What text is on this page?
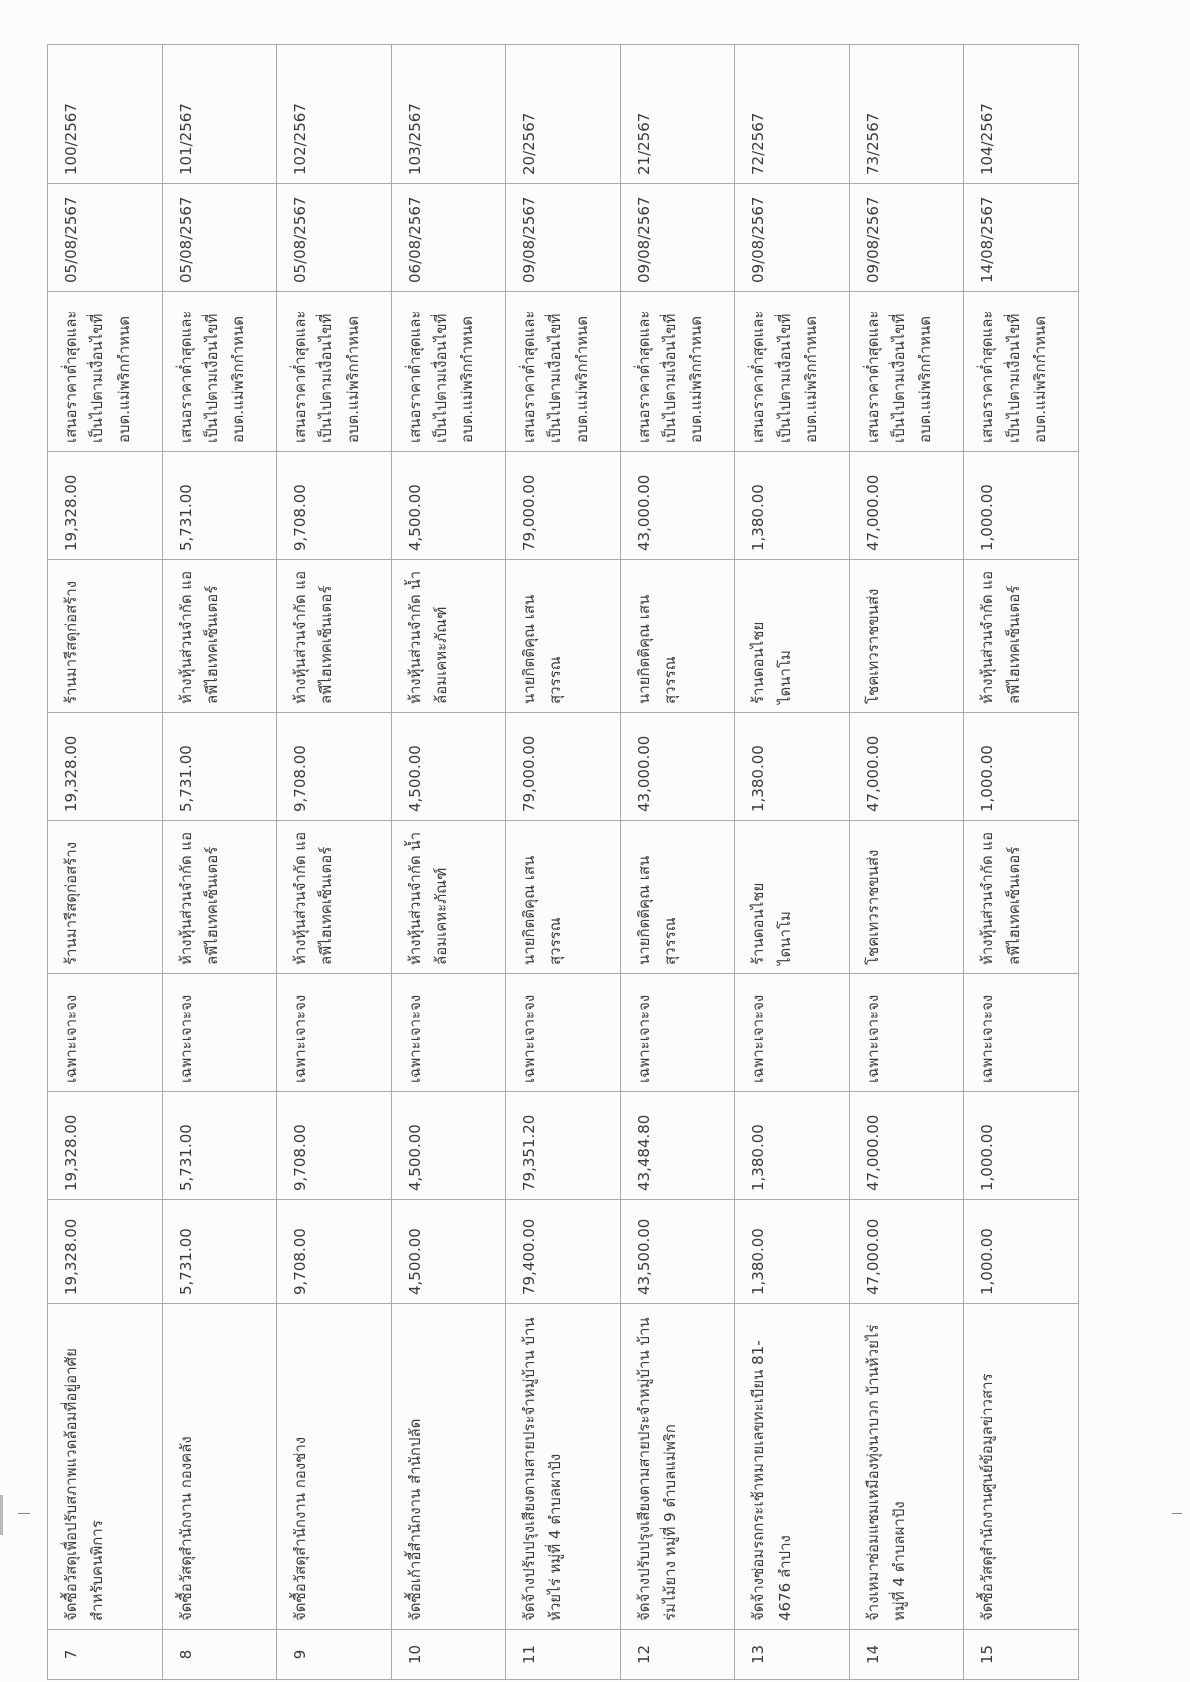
7	จัดซื้อวัสดุเพื่อปรับสภาพแวดล้อมที่อยู่อาศัยสำหรับคนพิการ	19,328.00	19,328.00	เฉพาะเจาะจง	ร้านมารีสดุก่อสร้าง	19,328.00	ร้านมารีสดุก่อสร้าง	19,328.00	เสนอราคาต่ำสุดและเป็นไปตามเงื่อนไขที่ อบต.แม่พริกกำหนด	05/08/2567	100/2567
8	จัดซื้อวัสดุสำนักงาน กองคลัง	5,731.00	5,731.00	เฉพาะเจาะจง	ห้างหุ้นส่วนจำกัด แอลพีไฮเทคเซ็นเตอร์	5,731.00	ห้างหุ้นส่วนจำกัด แอลพีไฮเทคเซ็นเตอร์	5,731.00	เสนอราคาต่ำสุดและเป็นไปตามเงื่อนไขที่ อบต.แม่พริกกำหนด	05/08/2567	101/2567
9	จัดซื้อวัสดุสำนักงาน กองช่าง	9,708.00	9,708.00	เฉพาะเจาะจง	ห้างหุ้นส่วนจำกัด แอลพีไฮเทคเซ็นเตอร์	9,708.00	ห้างหุ้นส่วนจำกัด แอลพีไฮเทคเซ็นเตอร์	9,708.00	เสนอราคาต่ำสุดและเป็นไปตามเงื่อนไขที่ อบต.แม่พริกกำหนด	05/08/2567	102/2567
10	จัดซื้อเก้าอี้สำนักงาน สำนักปลัด	4,500.00	4,500.00	เฉพาะเจาะจง	ห้างหุ้นส่วนจำกัด น้ำล้อมเคหะภัณฑ์	4,500.00	ห้างหุ้นส่วนจำกัด น้ำล้อมเคหะภัณฑ์	4,500.00	เสนอราคาต่ำสุดและเป็นไปตามเงื่อนไขที่ อบต.แม่พริกกำหนด	06/08/2567	103/2567
11	จัดจ้างปรับปรุงเสียงตามสายประจำหมู่บ้าน บ้านห้วยไร่ หมู่ที่ 4 ตำบลผาปัง	79,400.00	79,351.20	เฉพาะเจาะจง	นายกิตติคุณ เสนสุวรรณ	79,000.00	นายกิตติคุณ เสนสุวรรณ	79,000.00	เสนอราคาต่ำสุดและเป็นไปตามเงื่อนไขที่ อบต.แม่พริกกำหนด	09/08/2567	20/2567
12	จัดจ้างปรับปรุงเสียงตามสายประจำหมู่บ้าน บ้านร่มไม้ยาง หมู่ที่ 9 ตำบลแม่พริก	43,500.00	43,484.80	เฉพาะเจาะจง	นายกิตติคุณ เสนสุวรรณ	43,000.00	นายกิตติคุณ เสนสุวรรณ	43,000.00	เสนอราคาต่ำสุดและเป็นไปตามเงื่อนไขที่ อบต.แม่พริกกำหนด	09/08/2567	21/2567
13	จัดจ้างซ่อมรถกระเช้าหมายเลขทะเบียน 81-4676 ลำปาง	1,380.00	1,380.00	เฉพาะเจาะจง	ร้านดอนไชยไดนาโม	1,380.00	ร้านดอนไชยไดนาโม	1,380.00	เสนอราคาต่ำสุดและเป็นไปตามเงื่อนไขที่ อบต.แม่พริกกำหนด	09/08/2567	72/2567
14	จ้างเหมาซ่อมแซมเหมืองทุ่งนาบวก บ้านห้วยไร่ หมู่ที่ 4 ตำบลผาปัง	47,000.00	47,000.00	เฉพาะเจาะจง	โชคเทวราชขนส่ง	47,000.00	โชคเทวราชขนส่ง	47,000.00	เสนอราคาต่ำสุดและเป็นไปตามเงื่อนไขที่ อบต.แม่พริกกำหนด	09/08/2567	73/2567
15	จัดซื้อวัสดุสำนักงานศูนย์ข้อมูลข่าวสาร	1,000.00	1,000.00	เฉพาะเจาะจง	ห้างหุ้นส่วนจำกัด แอลพีไฮเทคเซ็นเตอร์	1,000.00	ห้างหุ้นส่วนจำกัด แอลพีไฮเทคเซ็นเตอร์	1,000.00	เสนอราคาต่ำสุดและเป็นไปตามเงื่อนไขที่ อบต.แม่พริกกำหนด	14/08/2567	104/2567
